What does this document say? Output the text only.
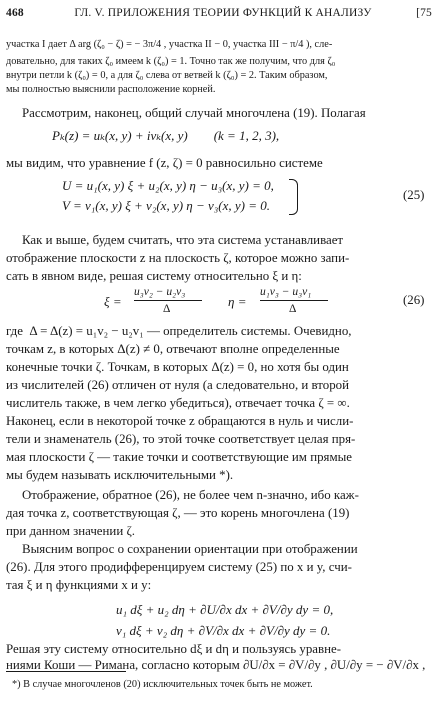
468	ГЛ. V. ПРИЛОЖЕНИЯ ТЕОРИИ ФУНКЦИЙ К АНАЛИЗУ	[75
участка I дает Δ arg (ζ₀ − ζ) = − 3π/4 , участка II − 0, участка III − π/4 ), сле-
довательно, для таких ζ₀ имеем k (ζ₀) = 1. Точно так же получим, что для ζ₀
внутри петли k (ζ₀) = 0, а для ζ₀ слева от ветвей k (ζ₀) = 2. Таким образом,
мы полностью выяснили расположение корней.
Рассмотрим, наконец, общий случай многочлена (19). Полагая
Pₖ(z) = uₖ(x, y) + ivₖ(x, y)        (k = 1, 2, 3),
мы видим, что уравнение f (z, ζ) = 0 равносильно системе
U = u₁(x, y) ξ + u₂(x, y) η − u₃(x, y) = 0,
V = v₁(x, y) ξ + v₂(x, y) η − v₃(x, y) = 0.
(25)
Как и выше, будем считать, что эта система устанавливает
отображение плоскости z на плоскость ζ, которое можно запи-
сать в явном виде, решая систему относительно ξ и η:
ξ =
u₃v₂ − u₂v₃
Δ	η =
u₁v₃ − u₃v₁
Δ
(26)
где  Δ = Δ(z) = u₁v₂ − u₂v₁ — определитель системы. Очевидно,
точкам z, в которых Δ(z) ≠ 0, отвечают вполне определенные
конечные точки ζ. Точкам, в которых Δ(z) = 0, но хотя бы один
из числителей (26) отличен от нуля (а следовательно, и второй
числитель также, в чем легко убедиться), отвечает точка ζ = ∞.
Наконец, если в некоторой точке z обращаются в нуль и числи-
тели и знаменатель (26), то этой точке соответствует целая пря-
мая плоскости ζ — такие точки и соответствующие им прямые
мы будем называть исключительными *).
Отображение, обратное (26), не более чем n-значно, ибо каж-
дая точка z, соответствующая ζ, — это корень многочлена (19)
при данном значении ζ.
Выясним вопрос о сохранении ориентации при отображении
(26). Для этого продифференцируем систему (25) по x и y, счи-
тая ξ и η функциями x и y:
u₁ dξ + u₂ dη + ∂U/∂x dx + ∂V/∂y dy = 0,
v₁ dξ + v₂ dη + ∂V/∂x dx + ∂V/∂y dy = 0.
Решая эту систему относительно dξ и dη и пользуясь уравне-
ниями Коши — Римана, согласно которым ∂U/∂x = ∂V/∂y , ∂U/∂y = − ∂V/∂x ,
*) В случае многочленов (20) исключительных точек быть не может.
